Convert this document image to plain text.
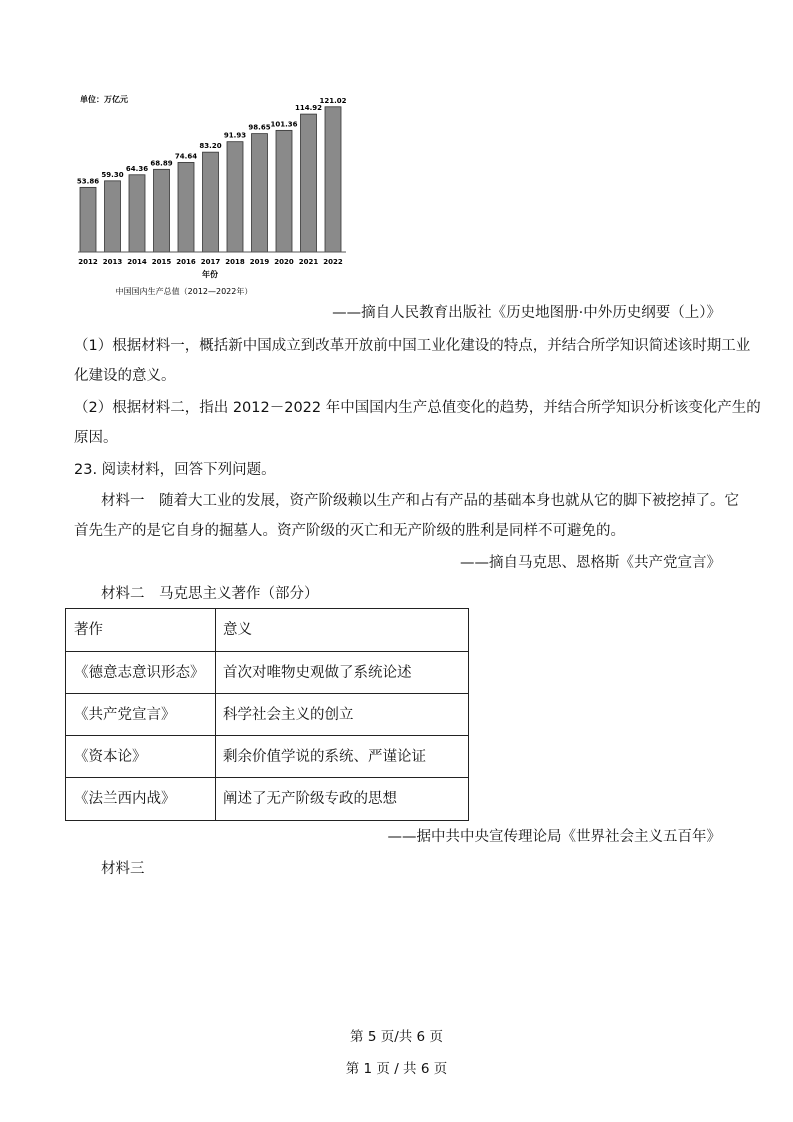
单位：万亿元
53.86
2012
59.30
2013
64.36
2014
68.89
2015
74.64
2016
83.20
2017
91.93
2018
98.65
2019
101.36
2020
114.92
2021
121.02
2022
年份
中国国内生产总值（2012—2022年）
——摘自人民教育出版社《历史地图册·中外历史纲要（上）》
（1）根据材料一，概括新中国成立到改革开放前中国工业化建设的特点，并结合所学知识简述该时期工业
化建设的意义。
（2）根据材料二，指出 2012－2022 年中国国内生产总值变化的趋势，并结合所学知识分析该变化产生的
原因。
23. 阅读材料，回答下列问题。
材料一　随着大工业的发展，资产阶级赖以生产和占有产品的基础本身也就从它的脚下被挖掉了。它
首先生产的是它自身的掘墓人。资产阶级的灭亡和无产阶级的胜利是同样不可避免的。
——摘自马克思、恩格斯《共产党宣言》
材料二　马克思主义著作（部分）
著作	意义
《德意志意识形态》 首次对唯物史观做了系统论述
《共产党宣言》	科学社会主义的创立
《资本论》	剩余价值学说的系统、严谨论证
《法兰西内战》	阐述了无产阶级专政的思想
——据中共中央宣传理论局《世界社会主义五百年》
材料三
第 5 页/共 6 页
第 1 页 / 共 6 页
